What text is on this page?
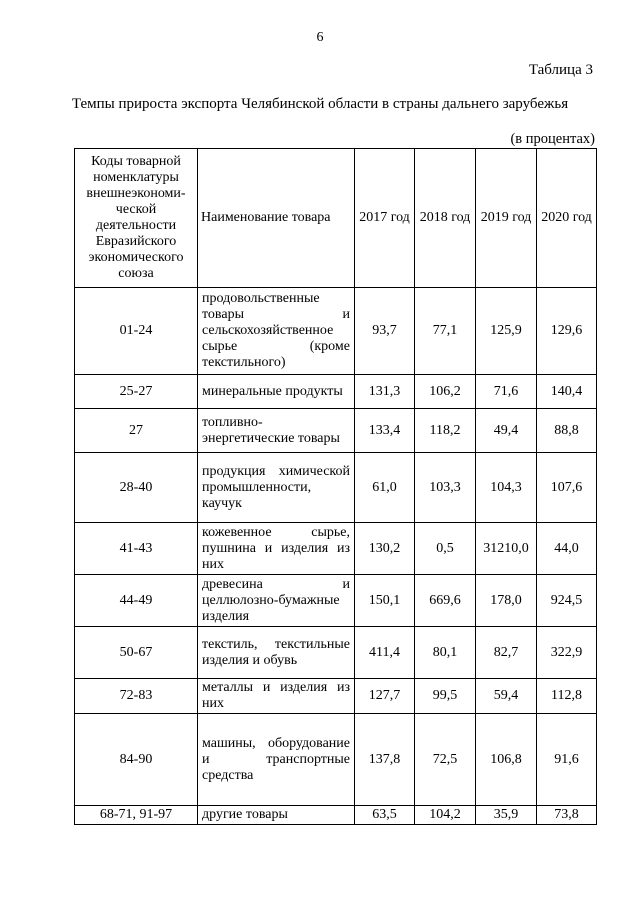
6
Таблица 3
Темпы прироста экспорта Челябинской области в страны дальнего зарубежья
(в процентах)
Коды товарной номенклатуры внешнеэкономи-ческой деятельности Евразийского экономического союза	Наименование товара	2017 год	2018 год	2019 год	2020 год
01-24	продовольственные товары и сельскохозяйственное сырье (кроме текстильного)	93,7	77,1	125,9	129,6
25-27	минеральные продукты	131,3	106,2	71,6	140,4
27	топливно-энергетические товары	133,4	118,2	49,4	88,8
28-40	продукция химической промышленности, каучук	61,0	103,3	104,3	107,6
41-43	кожевенное сырье, пушнина и изделия из них	130,2	0,5	31210,0	44,0
44-49	древесина и целлюлозно-бумажные изделия	150,1	669,6	178,0	924,5
50-67	текстиль, текстильные изделия и обувь	411,4	80,1	82,7	322,9
72-83	металлы и изделия из них	127,7	99,5	59,4	112,8
84-90	машины, оборудование и транспортные средства	137,8	72,5	106,8	91,6
68-71, 91-97	другие товары	63,5	104,2	35,9	73,8
